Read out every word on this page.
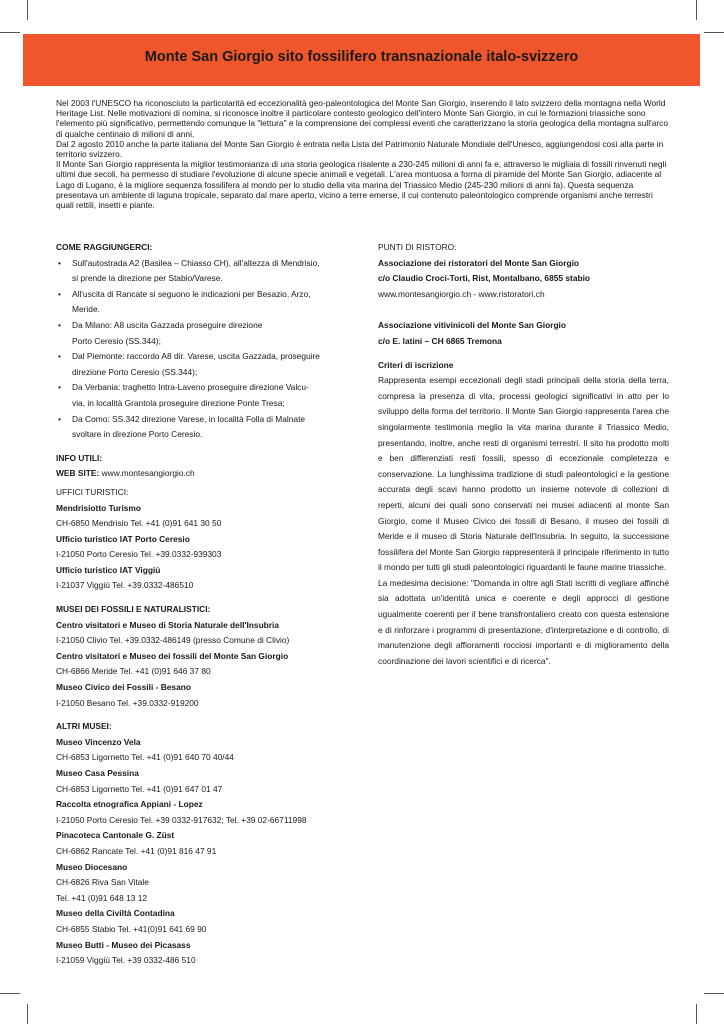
Monte San Giorgio sito fossilifero transnazionale italo-svizzero

Nel 2003 l'UNESCO ha riconosciuto la particolarità ed eccezionalità geo-paleontologica del Monte San Giorgio, inserendo il lato svizzero della montagna nella World Heritage List. Nelle motivazioni di nomina, si riconosce inoltre il particolare contesto geologico dell'intero Monte San Giorgio, in cui le formazioni triassiche sono l'elemento più significativo, permettendo comunque la "lettura" e la comprensione dei complessi eventi che caratterizzano la storia geologica della montagna sull'arco di qualche centinaio di milioni di anni.

Dal 2 agosto 2010 anche la parte italiana del Monte San Giorgio è entrata nella Lista del Patrimonio Naturale Mondiale dell'Unesco, aggiungendosi così alla parte in territorio svizzero.

Il Monte San Giorgio rappresenta la miglior testimonianza di una storia geologica risalente a 230-245 milioni di anni fa e, attraverso le migliaia di fossili rinvenuti negli ultimi due secoli, ha permesso di studiare l'evoluzione di alcune specie animali e vegetali. L'area montuosa a forma di piramide del Monte San Giorgio, adiacente al Lago di Lugano, è la migliore sequenza fossilifera al mondo per lo studio della vita marina del Triassico Medio (245-230 milioni di anni fa). Questa sequenza presentava un ambiente di laguna tropicale, separato dal mare aperto, vicino a terre emerse, il cui contenuto paleontologico comprende organismi anche terrestri quali rettili, insetti e piante.

COME RAGGIUNGERCI:
• Sull'autostrada A2 (Basilea – Chiasso CH), all'altezza di Mendrisio,
si prende la direzione per Stabio/Varese.
• All'uscita di Rancate si seguono le indicazioni per Besazio, Arzo,
Meride.
• Da Milano: A8 uscita Gazzada proseguire direzione
Porto Ceresio (SS.344);
• Dal Piemonte: raccordo A8 dir. Varese, uscita Gazzada, proseguire
direzione Porto Ceresio (SS.344);
• Da Verbania: traghetto Intra-Laveno proseguire direzione Valcu-
via, in località Grantola proseguire direzione Ponte Tresa;
• Da Como: SS.342 direzione Varese, in località Folla di Malnate
svoltare in direzione Porto Ceresio.
INFO UTILI:
WEB SITE: www.montesangiorgio.ch
UFFICI TURISTICI:
Mendrisiotto Turismo
CH-6850 Mendrisio Tel. +41 (0)91 641 30 50
Ufficio turistico IAT Porto Ceresio
I-21050 Porto Ceresio Tel. +39.0332-939303
Ufficio turistico IAT Viggiù
I-21037 Viggiù Tel. +39.0332-486510
MUSEI DEI FOSSILI E NATURALISTICI:
Centro visitatori e Museo di Storia Naturale dell'Insubria
I-21050 Clivio Tel. +39.0332-486149 (presso Comune di Clivio)
Centro visitatori e Museo dei fossili del Monte San Giorgio
CH-6866 Meride Tel. +41 (0)91 646 37 80
Museo Civico dei Fossili - Besano
I-21050 Besano Tel. +39.0332-919200
ALTRI MUSEI:
Museo Vincenzo Vela
CH-6853 Ligornetto Tel. +41 (0)91 640 70 40/44
Museo Casa Pessina
CH-6853 Ligornetto Tel. +41 (0)91 647 01 47
Raccolta etnografica Appiani - Lopez
I-21050 Porto Ceresio Tel. +39 0332-917632; Tel. +39 02-66711998
Pinacoteca Cantonale G. Züst
CH-6862 Rancate Tel. +41 (0)91 816 47 91
Museo Diocesano
CH-6826 Riva San Vitale
Tel. +41 (0)91 648 13 12
Museo della Civiltà Contadina
CH-6855 Stabio Tel. +41(0)91 641 69 90
Museo Butti - Museo dei Picasass
I-21059 Viggiù Tel. +39 0332-486 510
PUNTI DI RISTORO:
Associazione dei ristoratori del Monte San Giorgio
c/o Claudio Croci-Torti, Rist, Montalbano, 6855 stabio
www.montesangiorgio.ch - www.ristoratori.ch
Associazione vitivinicoli del Monte San Giorgio
c/o E. latini – CH 6865 Tremona
Criteri di iscrizione
Rappresenta esempi eccezionali degli stadi principali della storia della terra, compresa la presenza di vita, processi geologici significativi in atto per lo sviluppo della forma del territorio. Il Monte San Giorgio rappresenta l'area che singolarmente testimonia meglio la vita marina durante il Triassico Medio, presentando, inoltre, anche resti di organismi terrestri. Il sito ha prodotto molti e ben differenziati resti fossili, spesso di eccezionale completezza e conservazione. La lunghissima tradizione di studi paleontologici e la gestione accurata degli scavi hanno prodotto un insieme notevole di collezioni di reperti, alcuni dei quali sono conservati nei musei adiacenti al monte San Giorgio, come il Museo Civico dei fossili di Besano, il museo dei fossili di Meride e il museo di Storia Naturale dell'Insubria. In seguito, la successione fossilifera del Monte San Giorgio rappresenterà il principale riferimento in tutto il mondo per tutti gli studi paleontologici riguardanti le faune marine triassiche.
La medesima decisione: "Domanda in oltre agli Stati iscritti di vegliare affinché sia adottata un'identità unica e coerente e degli approcci di gestione ugualmente coerenti per il bene transfrontaliero creato con questa estensione e di rinforzare i programmi di presentazione, d'interpretazione e di controllo, di manutenzione degli affioramenti rocciosi importanti e di miglioramento della coordinazione dei lavori scientifici e di ricerca".
